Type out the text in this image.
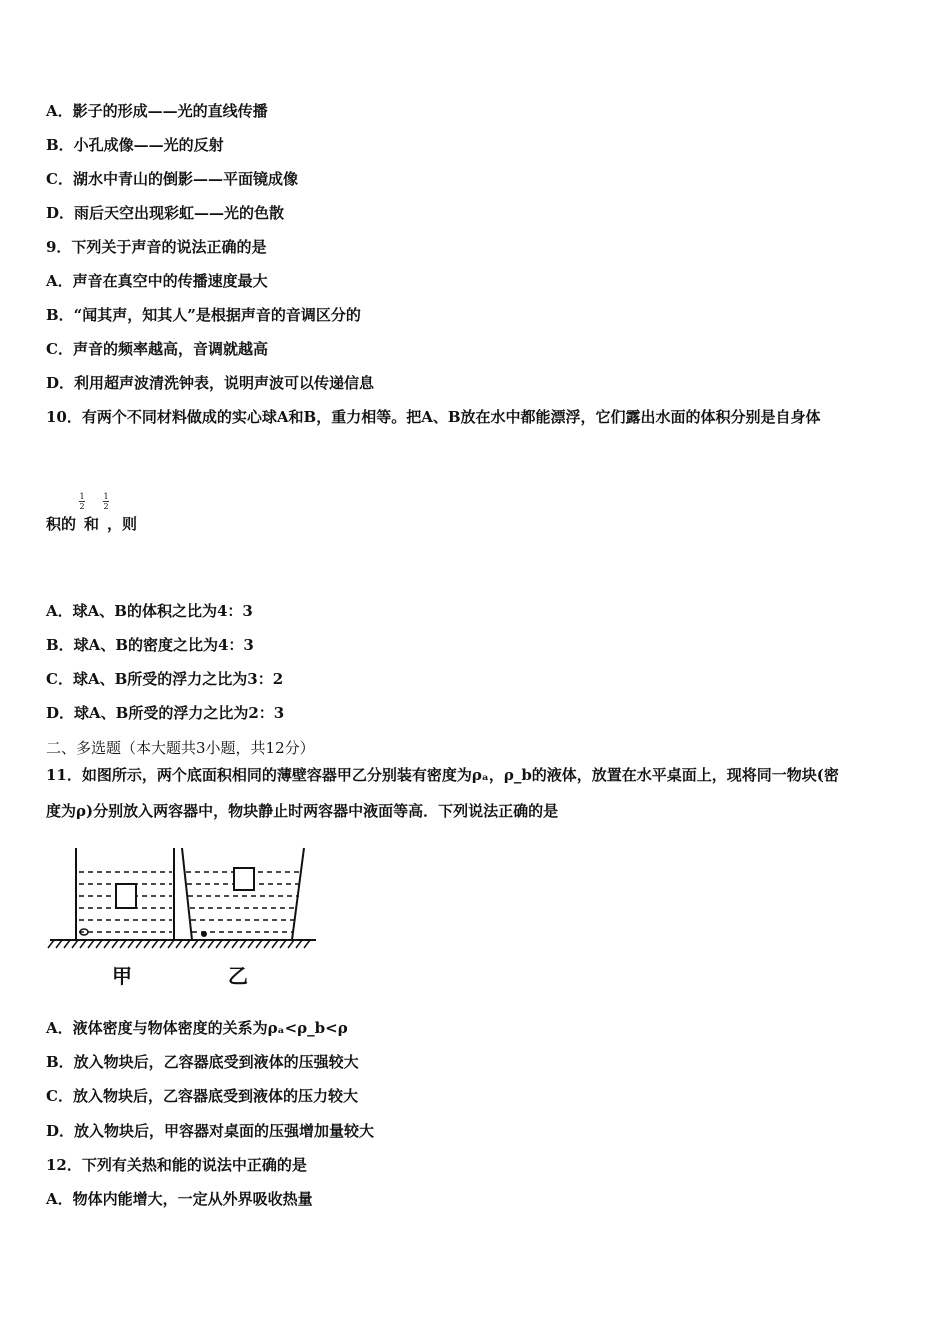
A．影子的形成——光的直线传播
B．小孔成像——光的反射
C．湖水中青山的倒影——平面镜成像
D．雨后天空出现彩虹——光的色散
9．下列关于声音的说法正确的是
A．声音在真空中的传播速度最大
B．“闻其声，知其人”是根据声音的音调区分的
C．声音的频率越高，音调就越高
D．利用超声波清洗钟表，说明声波可以传递信息
10．有两个不同材料做成的实心球A和B，重力相等。把A、B放在水中都能漂浮，它们露出水面的体积分别是自身体
积的 和 ，则
1
2
1
2
A．球A、B的体积之比为4：3
B．球A、B的密度之比为4：3
C．球A、B所受的浮力之比为3：2
D．球A、B所受的浮力之比为2：3
二、多选题（本大题共3小题，共12分）
11．如图所示，两个底面积相同的薄壁容器甲乙分别装有密度为ρₐ，ρ_b的液体，放置在水平桌面上，现将同一物块(密
度为ρ)分别放入两容器中，物块静止时两容器中液面等高．下列说法正确的是
甲	乙
A．液体密度与物体密度的关系为ρₐ<ρ_b<ρ
B．放入物块后，乙容器底受到液体的压强较大
C．放入物块后，乙容器底受到液体的压力较大
D．放入物块后，甲容器对桌面的压强增加量较大
12．下列有关热和能的说法中正确的是
A．物体内能增大，一定从外界吸收热量
